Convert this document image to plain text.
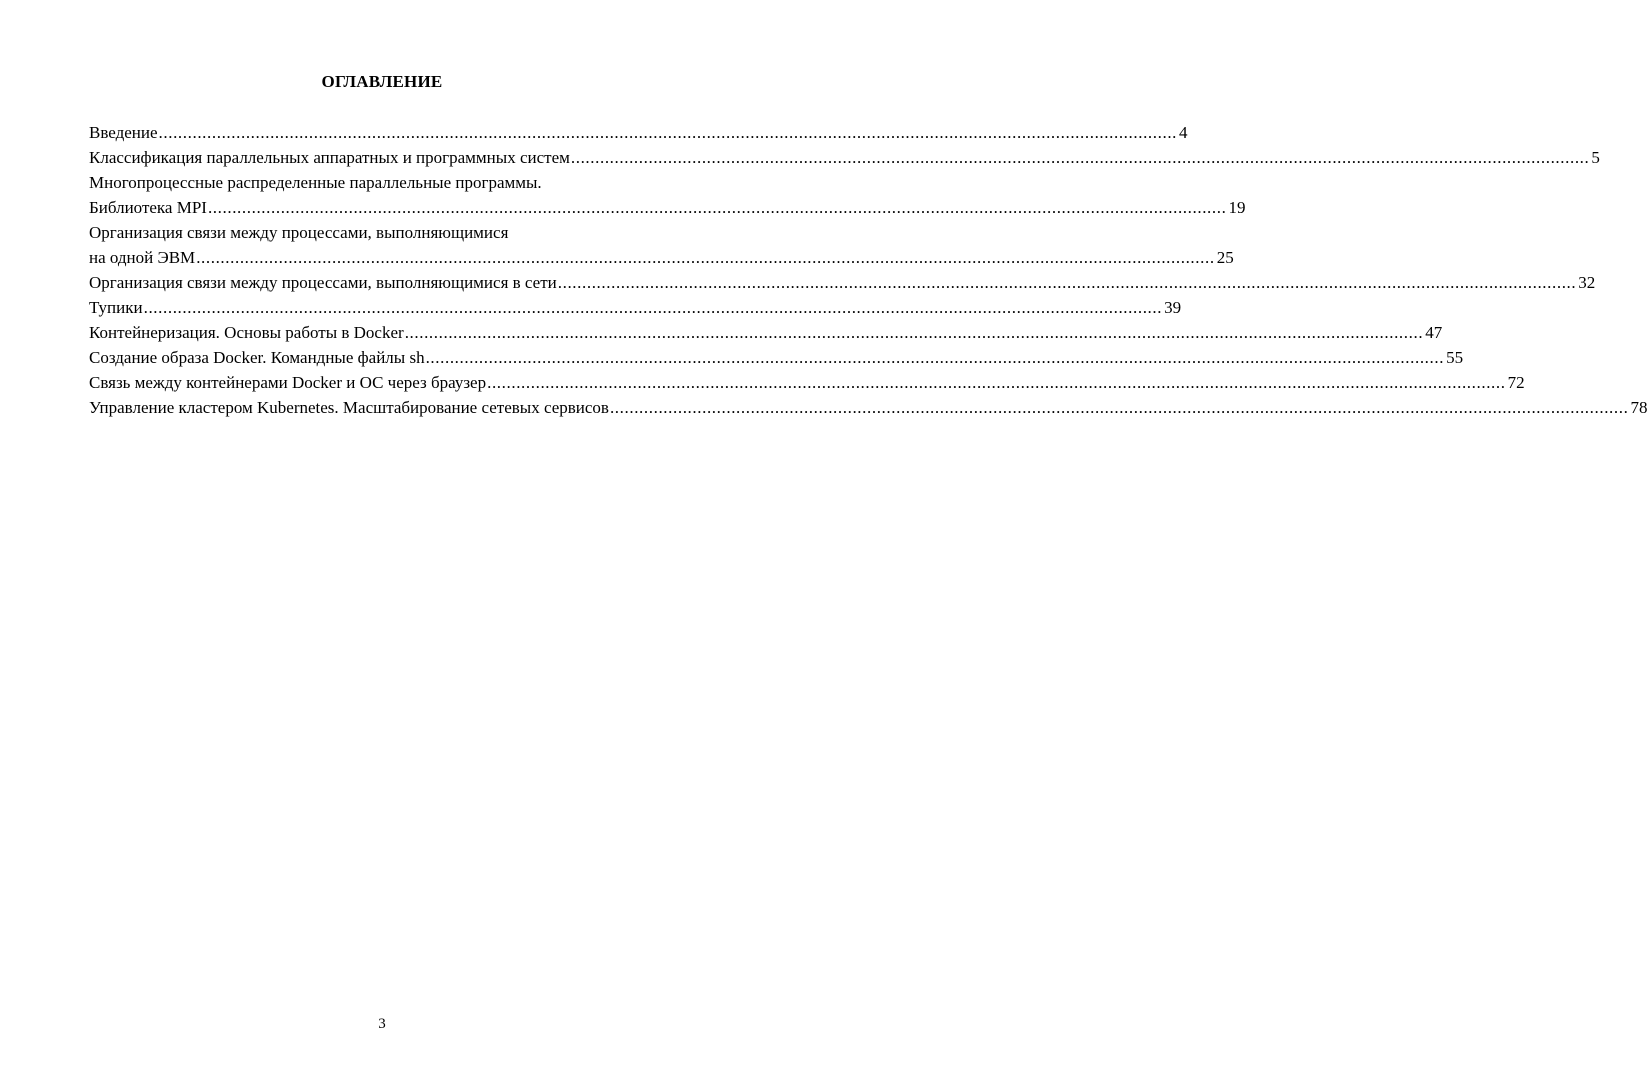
ОГЛАВЛЕНИЕ
Введение .....	4
Классификация параллельных аппаратных и программных систем .....	5
Многопроцессные распределенные параллельные программы.
Библиотека MPI .....	19
Организация связи между процессами, выполняющимися
на одной ЭВМ .....	25
Организация связи между процессами, выполняющимися в сети .....	32
Тупики .....	39
Контейнеризация. Основы работы в Docker .....	47
Создание образа Docker. Командные файлы sh .....	55
Связь между контейнерами Docker и ОС через браузер .....	72
Управление кластером Kubernetes. Масштабирование сетевых сервисов .....	78
3
